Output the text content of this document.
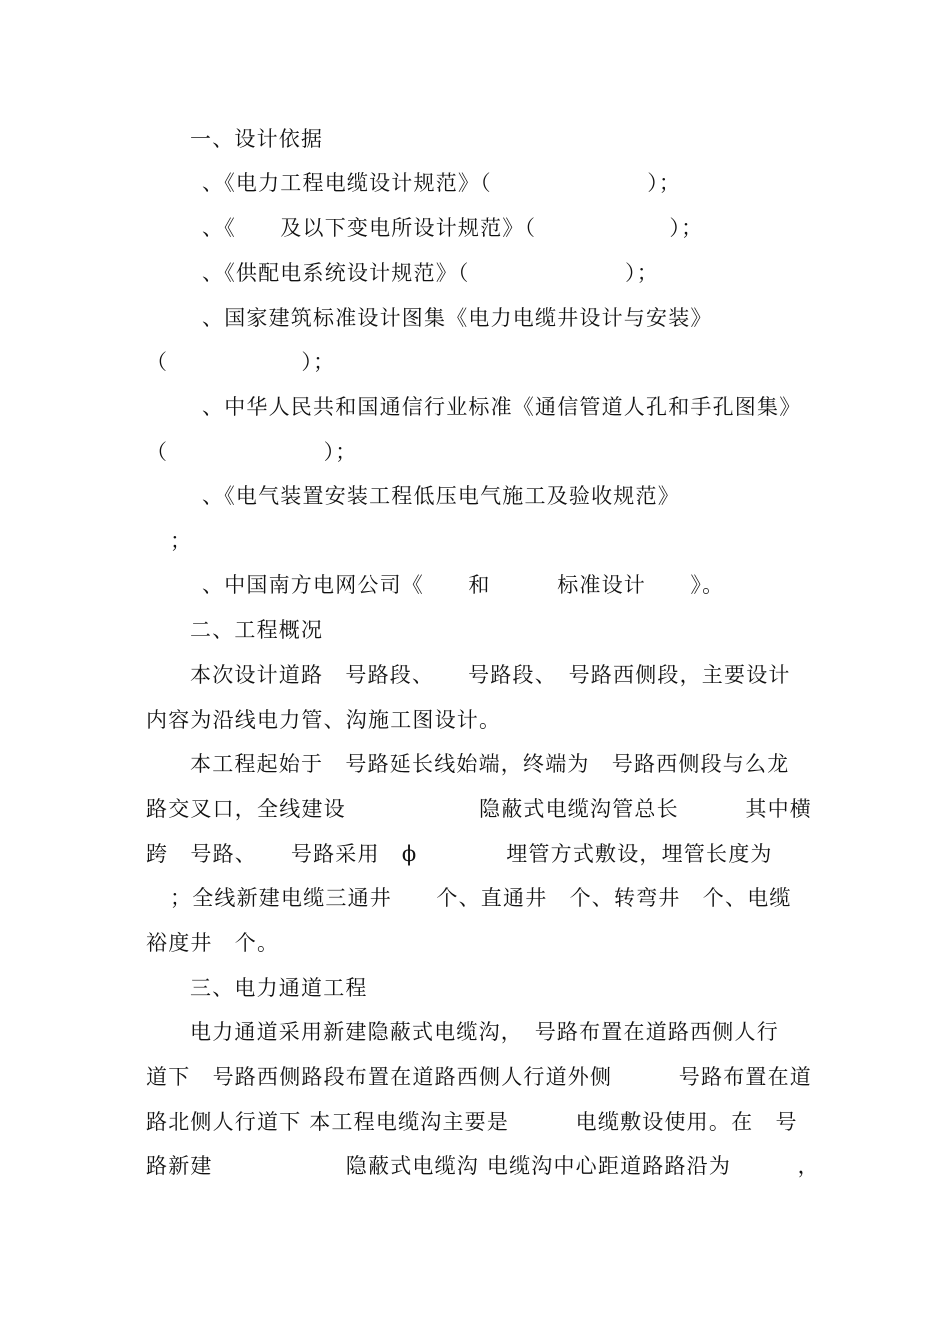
一、设计依据
、《电力工程电缆设计规范》（　　　　　　　）；
、《　　及以下变电所设计规范》（　　　　　　）；
、《供配电系统设计规范》（　　　　　　　）；
、国家建筑标准设计图集《电力电缆井设计与安装》
（　　　　　　）；
、中华人民共和国通信行业标准《通信管道人孔和手孔图集》
（　　　　　　　）；
、《电气装置安装工程低压电气施工及验收规范》
；
、中国南方电网公司《　　和　　　标准设计　　》。
二、工程概况
本次设计道路　号路段、　　号路段、　号路西侧段，主要设计
内容为沿线电力管、沟施工图设计。
本工程起始于　号路延长线始端，终端为　号路西侧段与么龙
路交叉口，全线建设　　　　　　隐蔽式电缆沟管总长　　　其中横
跨　号路、　　号路采用　ϕ　　　　埋管方式敷设，埋管长度为
；全线新建电缆三通井　　个、直通井　个、转弯井　个、电缆
裕度井　个。
三、电力通道工程
电力通道采用新建隐蔽式电缆沟，　号路布置在道路西侧人行
道下　号路西侧路段布置在道路西侧人行道外侧　　　号路布置在道
路北侧人行道下 本工程电缆沟主要是　　　电缆敷设使用。在　号
路新建　　　　　　隐蔽式电缆沟 电缆沟中心距道路路沿为　　　，
